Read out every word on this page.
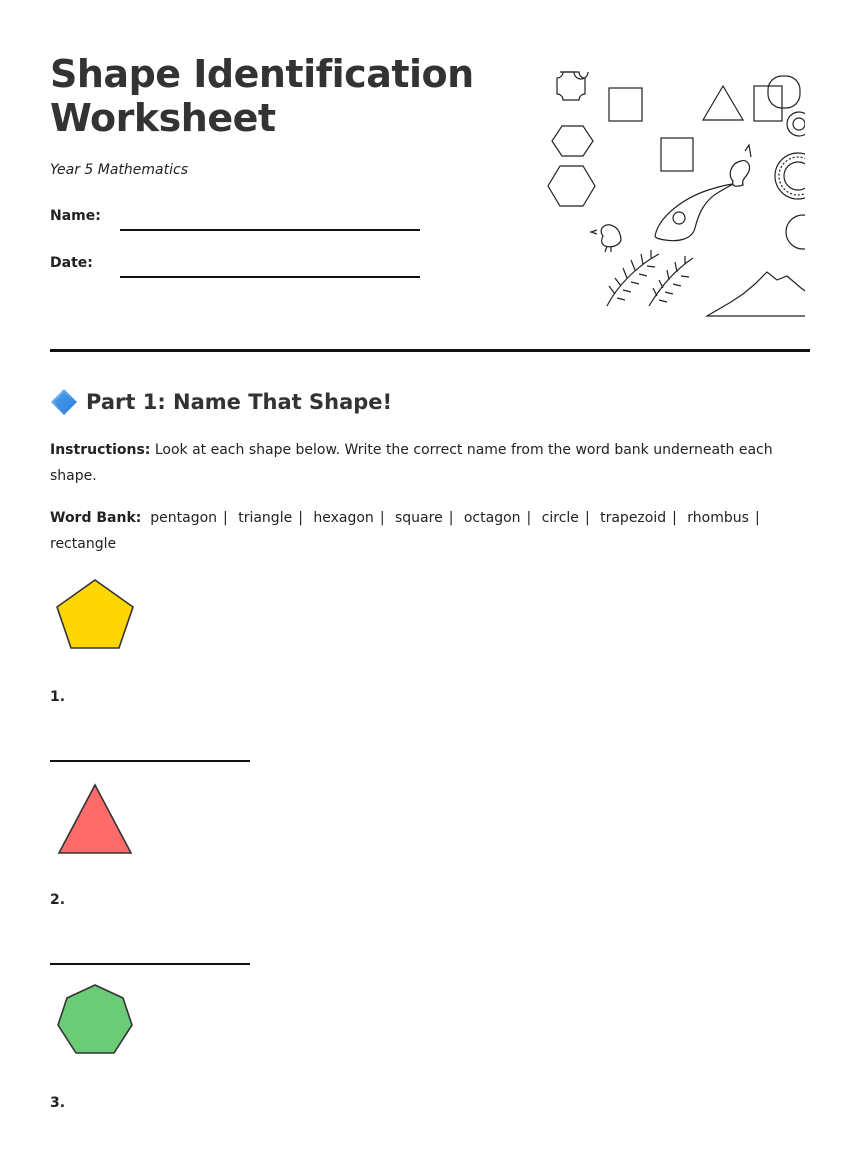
Shape Identification Worksheet

Year 5 Mathematics

Name:
Date:
Part 1: Name That Shape!

Instructions: Look at each shape below. Write the correct name from the word bank underneath each shape.

Word Bank: pentagon | triangle | hexagon | square | octagon | circle | trapezoid | rhombus | rectangle

1.
2.
3.
